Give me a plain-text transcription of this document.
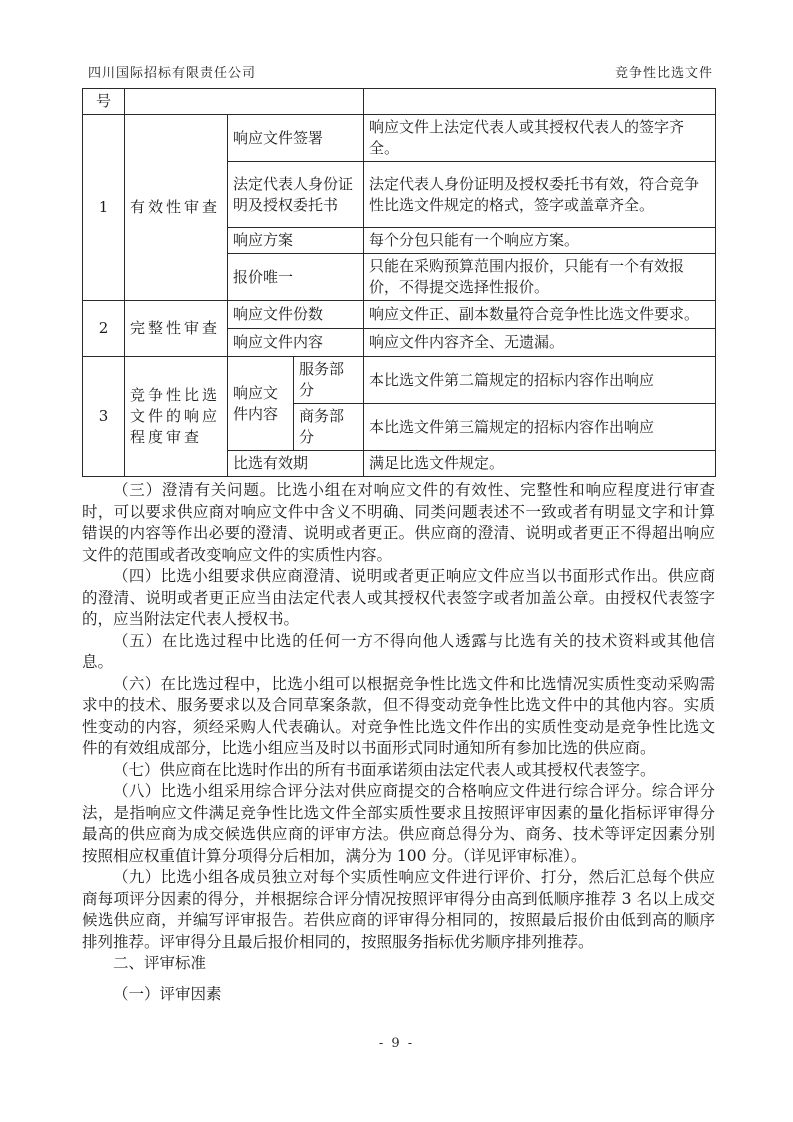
四川国际招标有限责任公司	竞争性比选文件
号				
1	有效性审查	响应文件签署		响应文件上法定代表人或其授权代表人的签字齐全。
		法定代表人身份证明及授权委托书		法定代表人身份证明及授权委托书有效，符合竞争性比选文件规定的格式，签字或盖章齐全。
		响应方案		每个分包只能有一个响应方案。
		报价唯一		只能在采购预算范围内报价，只能有一个有效报价，不得提交选择性报价。
2	完整性审查	响应文件份数		响应文件正、副本数量符合竞争性比选文件要求。
		响应文件内容		响应文件内容齐全、无遗漏。
3	竞争性比选文件的响应程度审查	响应文件内容	服务部分	本比选文件第二篇规定的招标内容作出响应
			商务部分	本比选文件第三篇规定的招标内容作出响应
		比选有效期		满足比选文件规定。

（三）澄清有关问题。比选小组在对响应文件的有效性、完整性和响应程度进行审查时，可以要求供应商对响应文件中含义不明确、同类问题表述不一致或者有明显文字和计算错误的内容等作出必要的澄清、说明或者更正。供应商的澄清、说明或者更正不得超出响应文件的范围或者改变响应文件的实质性内容。

（四）比选小组要求供应商澄清、说明或者更正响应文件应当以书面形式作出。供应商的澄清、说明或者更正应当由法定代表人或其授权代表签字或者加盖公章。由授权代表签字的，应当附法定代表人授权书。

（五）在比选过程中比选的任何一方不得向他人透露与比选有关的技术资料或其他信息。

（六）在比选过程中，比选小组可以根据竞争性比选文件和比选情况实质性变动采购需求中的技术、服务要求以及合同草案条款，但不得变动竞争性比选文件中的其他内容。实质性变动的内容，须经采购人代表确认。对竞争性比选文件作出的实质性变动是竞争性比选文件的有效组成部分，比选小组应当及时以书面形式同时通知所有参加比选的供应商。

（七）供应商在比选时作出的所有书面承诺须由法定代表人或其授权代表签字。

（八）比选小组采用综合评分法对供应商提交的合格响应文件进行综合评分。综合评分法，是指响应文件满足竞争性比选文件全部实质性要求且按照评审因素的量化指标评审得分最高的供应商为成交候选供应商的评审方法。供应商总得分为、商务、技术等评定因素分别按照相应权重值计算分项得分后相加，满分为 100 分。（详见评审标准）。

（九）比选小组各成员独立对每个实质性响应文件进行评价、打分，然后汇总每个供应商每项评分因素的得分，并根据综合评分情况按照评审得分由高到低顺序推荐 3 名以上成交候选供应商，并编写评审报告。若供应商的评审得分相同的，按照最后报价由低到高的顺序排列推荐。评审得分且最后报价相同的，按照服务指标优劣顺序排列推荐。

二、评审标准

（一）评审因素

- 9 -
